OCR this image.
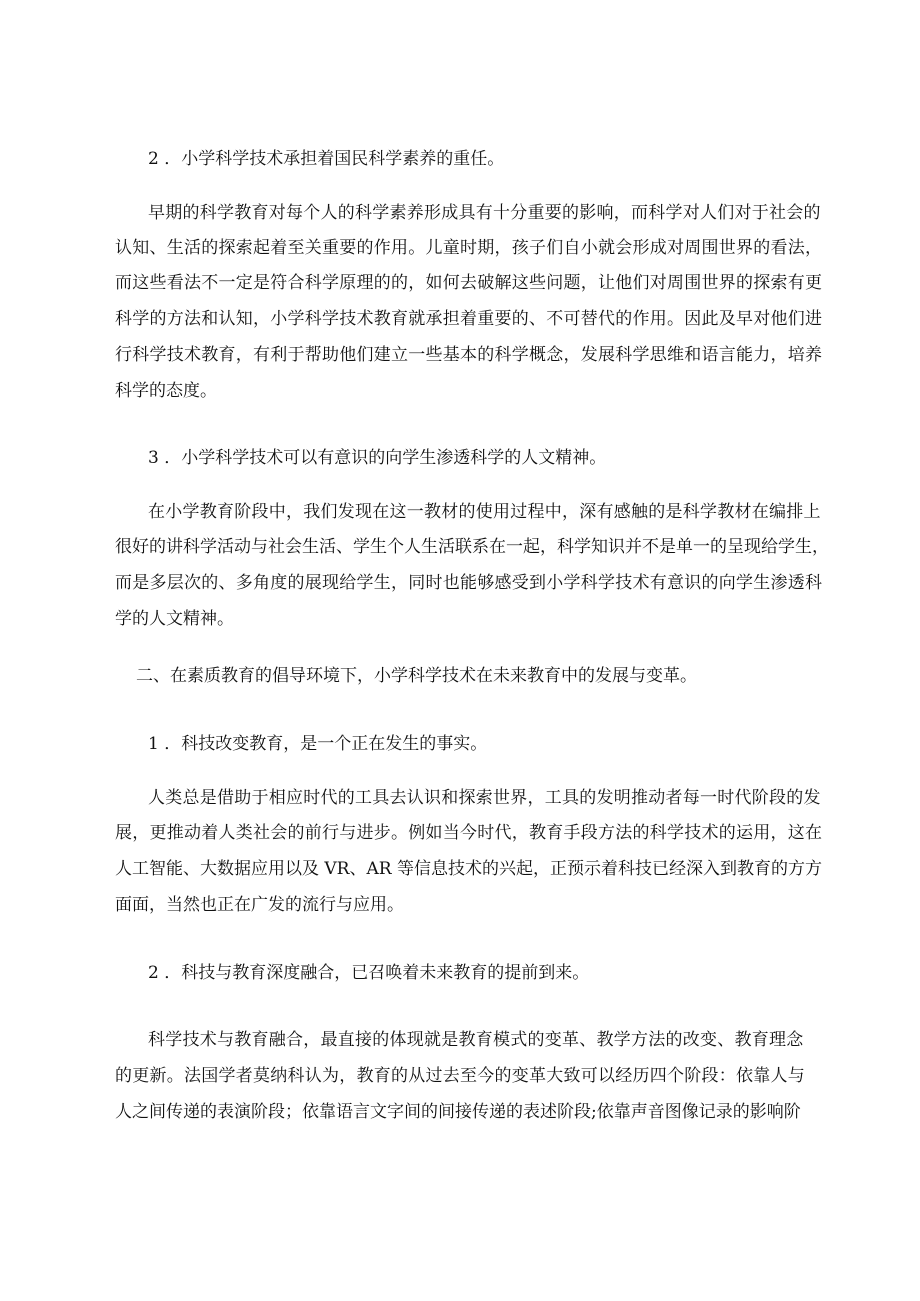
2 ．小学科学技术承担着国民科学素养的重任。

早期的科学教育对每个人的科学素养形成具有十分重要的影响，而科学对人们对于社会的

认知、生活的探索起着至关重要的作用。儿童时期，孩子们自小就会形成对周围世界的看法，

而这些看法不一定是符合科学原理的的，如何去破解这些问题，让他们对周围世界的探索有更

科学的方法和认知，小学科学技术教育就承担着重要的、不可替代的作用。因此及早对他们进

行科学技术教育，有利于帮助他们建立一些基本的科学概念，发展科学思维和语言能力，培养

科学的态度。

3 ．小学科学技术可以有意识的向学生渗透科学的人文精神。

在小学教育阶段中，我们发现在这一教材的使用过程中，深有感触的是科学教材在编排上

很好的讲科学活动与社会生活、学生个人生活联系在一起，科学知识并不是单一的呈现给学生，

而是多层次的、多角度的展现给学生，同时也能够感受到小学科学技术有意识的向学生渗透科

学的人文精神。

二、在素质教育的倡导环境下，小学科学技术在未来教育中的发展与变革。

1 ．科技改变教育，是一个正在发生的事实。

人类总是借助于相应时代的工具去认识和探索世界，工具的发明推动者每一时代阶段的发

展，更推动着人类社会的前行与进步。例如当今时代，教育手段方法的科学技术的运用，这在

人工智能、大数据应用以及 VR、AR 等信息技术的兴起，正预示着科技已经深入到教育的方方

面面，当然也正在广发的流行与应用。

2 ．科技与教育深度融合，已召唤着未来教育的提前到来。

科学技术与教育融合，最直接的体现就是教育模式的变革、教学方法的改变、教育理念

的更新。法国学者莫纳科认为，教育的从过去至今的变革大致可以经历四个阶段：依靠人与

人之间传递的表演阶段；依靠语言文字间的间接传递的表述阶段;依靠声音图像记录的影响阶
